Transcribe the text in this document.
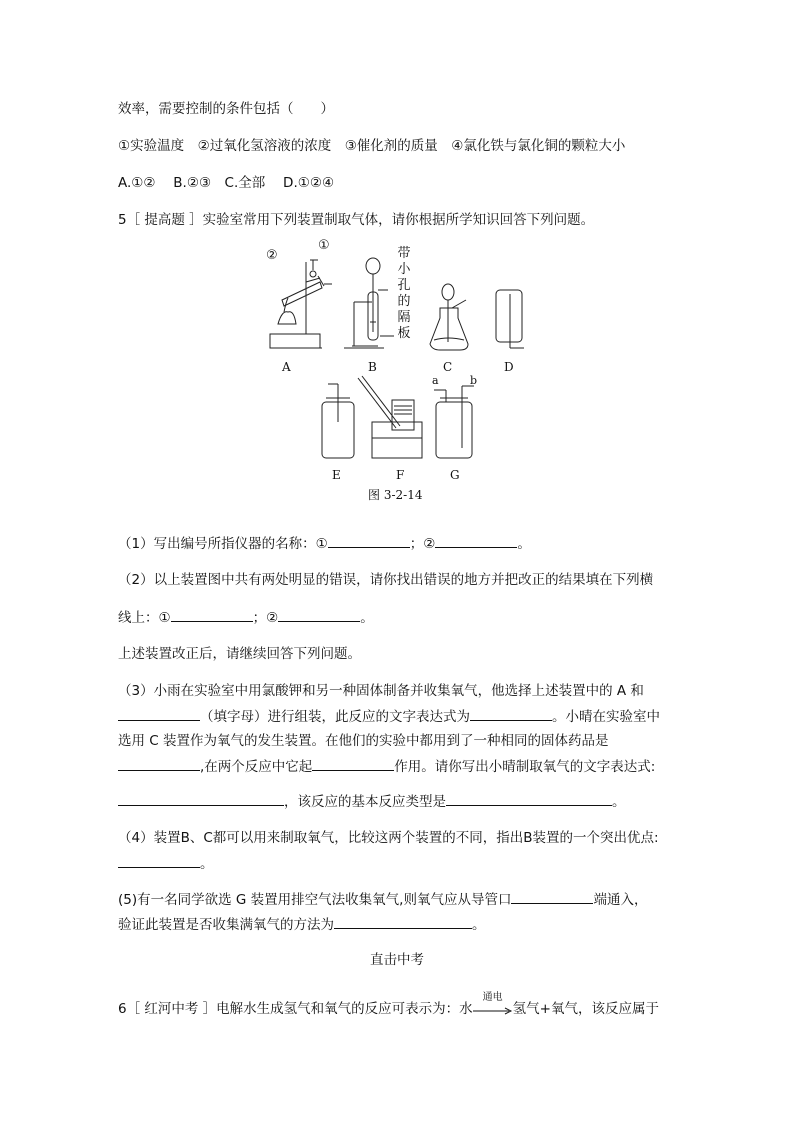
效率，需要控制的条件包括（　　）
①实验温度　②过氧化氢溶液的浓度　③催化剂的质量　④氯化铁与氯化铜的颗粒大小
A.①②　 B.②③　C.全部　 D.①②④
5［ 提高题 ］实验室常用下列装置制取气体，请你根据所学知识回答下列问题。
①
②	带
小
孔
的
隔
板
A	B	C	D
a	b
E	F	G
图 3-2-14
（1）写出编号所指仪器的名称：①	；②	。
（2）以上装置图中共有两处明显的错误，请你找出错误的地方并把改正的结果填在下列横
线上：①	；②	。
上述装置改正后，请继续回答下列问题。
（3）小雨在实验室中用氯酸钾和另一种固体制备并收集氧气，他选择上述装置中的 A 和
（填字母）进行组装，此反应的文字表达式为	。小晴在实验室中
选用 C 装置作为氧气的发生装置。在他们的实验中都用到了一种相同的固体药品是
,在两个反应中它起	作用。请你写出小晴制取氧气的文字表达式:
，该反应的基本反应类型是	。
（4）装置B、C都可以用来制取氧气，比较这两个装置的不同，指出B装置的一个突出优点:
。
(5)有一名同学欲选 G 装置用排空气法收集氧气,则氧气应从导管口	端通入，
验证此装置是否收集满氧气的方法为	。
直击中考
6［ 红河中考 ］电解水生成氢气和氧气的反应可表示为：水
通电
氢气+氧气，该反应属于
